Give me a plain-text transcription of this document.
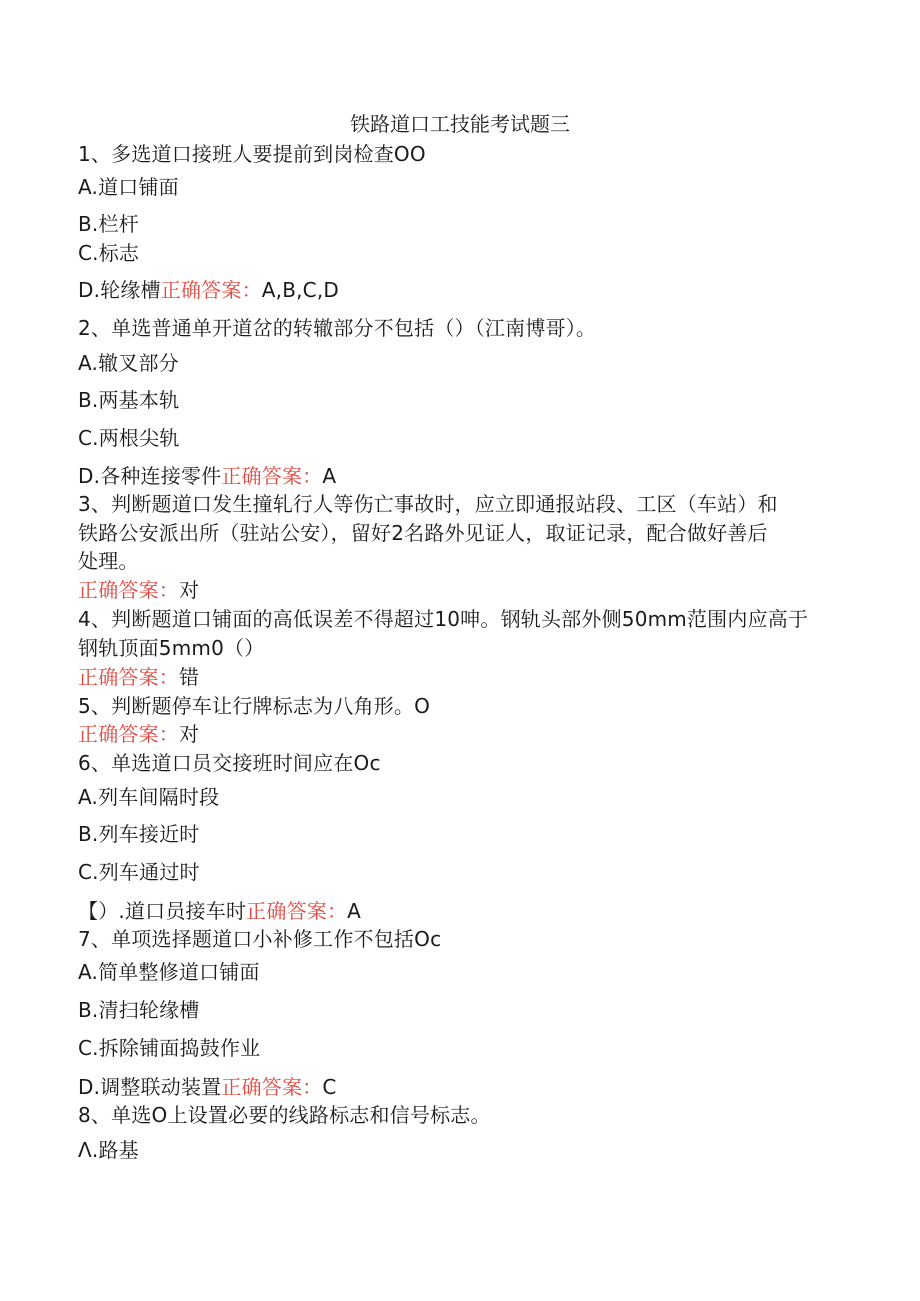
铁路道口工技能考试题三
1、多选道口接班人要提前到岗检查OO
A.道口铺面
B.栏杆
C.标志
D.轮缘槽正确答案：A,B,C,D
2、单选普通单开道岔的转辙部分不包括（）（江南博哥）。
A.辙叉部分
B.两基本轨
C.两根尖轨
D.各种连接零件正确答案：A
3、判断题道口发生撞轧行人等伤亡事故时，应立即通报站段、工区（车站）和
铁路公安派出所（驻站公安），留好2名路外见证人，取证记录，配合做好善后
处理。
正确答案：对
4、判断题道口铺面的高低误差不得超过10呻。钢轨头部外侧50mm范围内应高于
钢轨顶面5mm0（）
正确答案：错
5、判断题停车让行牌标志为八角形。O
正确答案：对
6、单选道口员交接班时间应在Oc
A.列车间隔时段
B.列车接近时
C.列车通过时
【）.道口员接车时正确答案：A
7、单项选择题道口小补修工作不包括Oc
A.简单整修道口铺面
B.清扫轮缘槽
C.拆除铺面捣鼓作业
D.调整联动装置正确答案：C
8、单选O上设置必要的线路标志和信号标志。
Λ.路基
